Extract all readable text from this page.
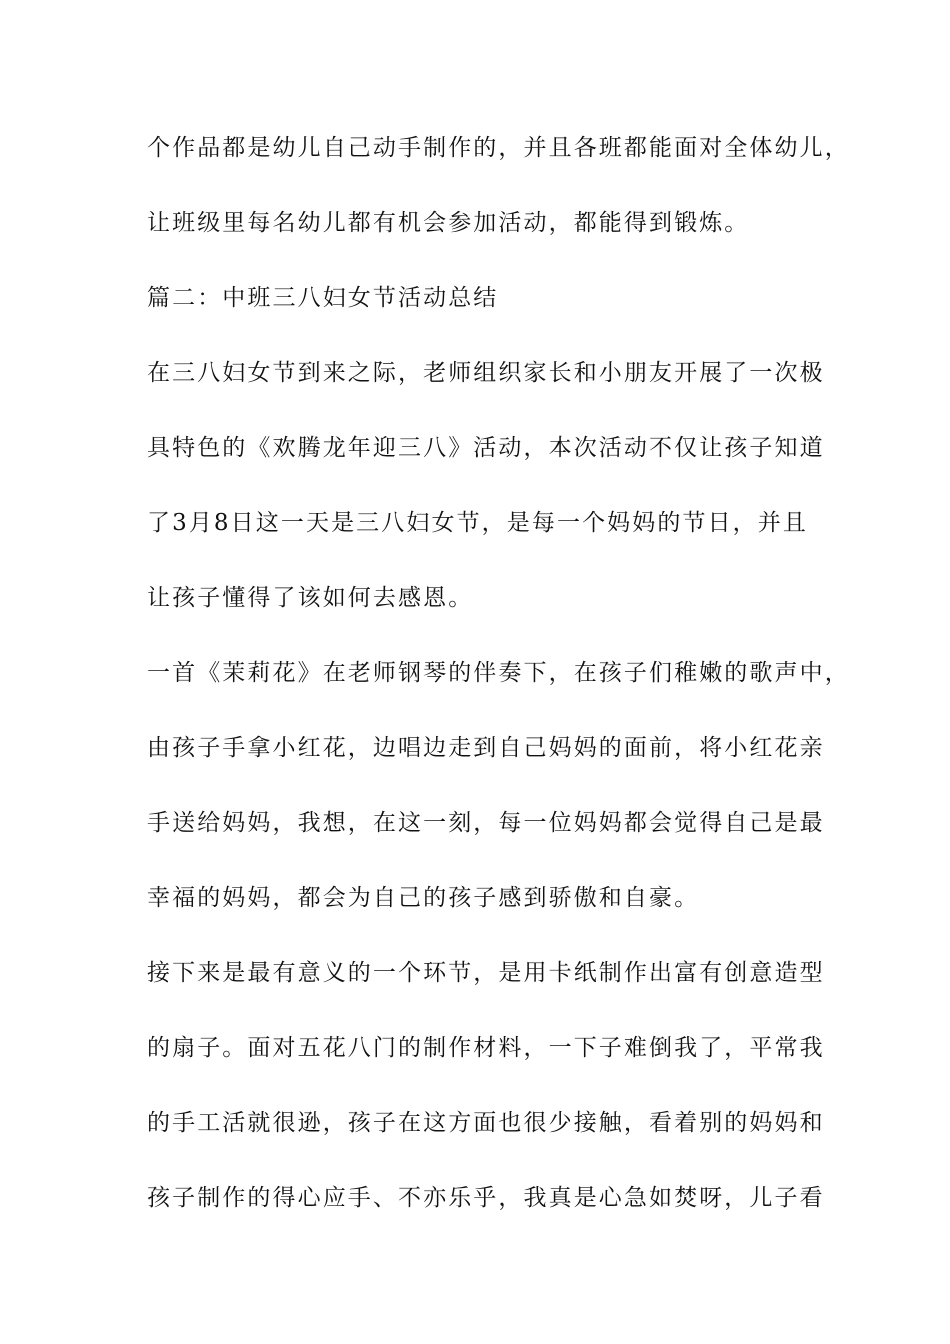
个作品都是幼儿自己动手制作的，并且各班都能面对全体幼儿，
让班级里每名幼儿都有机会参加活动，都能得到锻炼。
篇二：中班三八妇女节活动总结
在三八妇女节到来之际，老师组织家长和小朋友开展了一次极
具特色的《欢腾龙年迎三八》活动，本次活动不仅让孩子知道
了3月8日这一天是三八妇女节，是每一个妈妈的节日，并且
让孩子懂得了该如何去感恩。
一首《茉莉花》在老师钢琴的伴奏下，在孩子们稚嫩的歌声中，
由孩子手拿小红花，边唱边走到自己妈妈的面前，将小红花亲
手送给妈妈，我想，在这一刻，每一位妈妈都会觉得自己是最
幸福的妈妈，都会为自己的孩子感到骄傲和自豪。
接下来是最有意义的一个环节，是用卡纸制作出富有创意造型
的扇子。面对五花八门的制作材料，一下子难倒我了，平常我
的手工活就很逊，孩子在这方面也很少接触，看着别的妈妈和
孩子制作的得心应手、不亦乐乎，我真是心急如焚呀，儿子看
